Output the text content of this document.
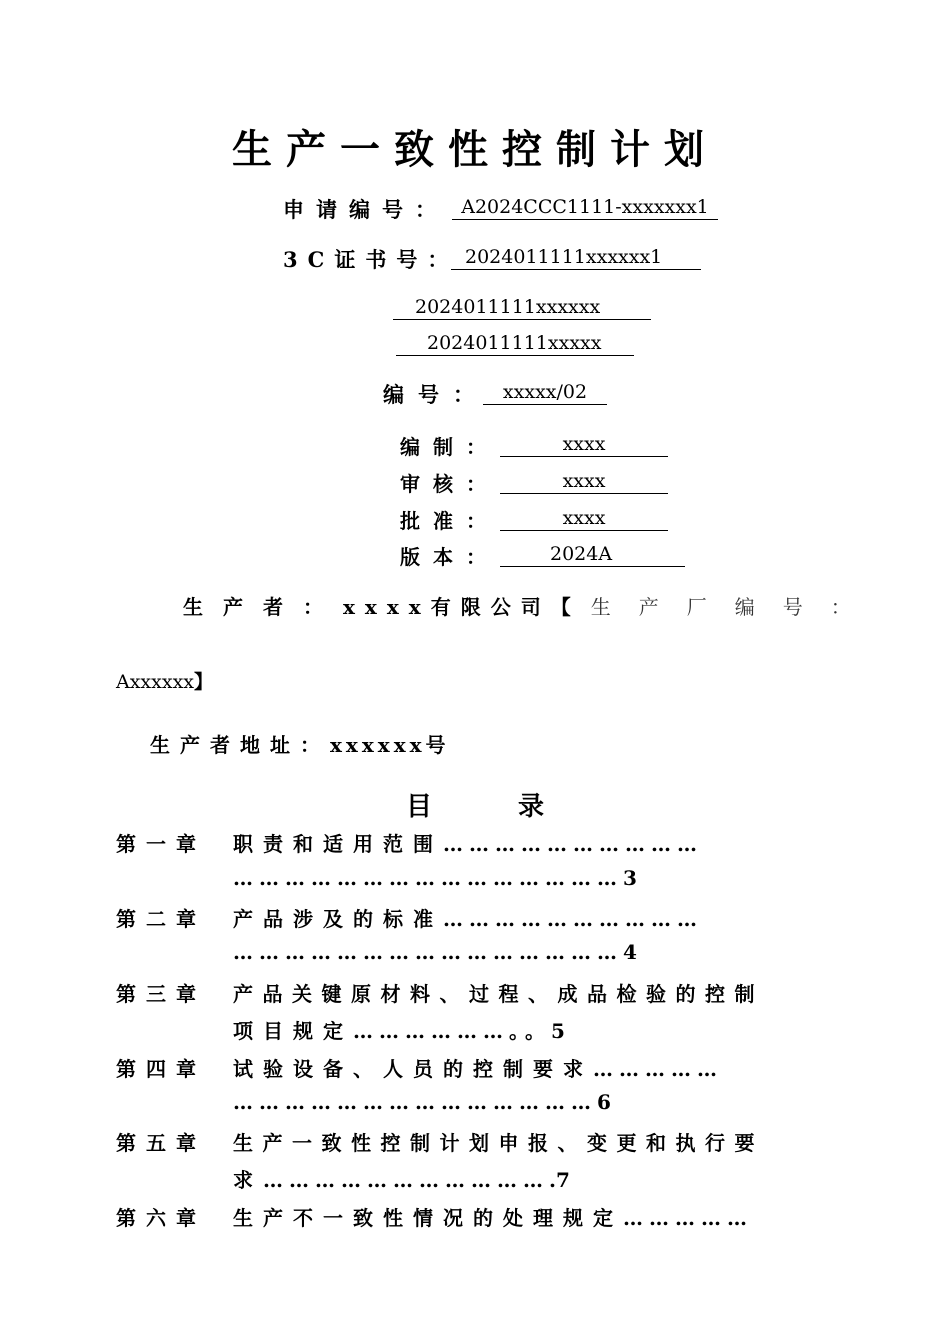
生产一致性控制计划
申请编号： A2024CCC1111-xxxxxxx1
3C证书号： 2024011111xxxxxx1
2024011111xxxxxx
2024011111xxxxx
编号： xxxxx/02
编制：	xxxx
审核：	xxxx
批准：	xxxx
版本：	2024A
生产者：xxxx有限公司【生产厂编号：
Axxxxxx】
生产者地址：xxxxxx号
目	录
第一章 职责和适用范围…………………………
………………………………………3
第二章 产品涉及的标准…………………………
………………………………………4
第三章 产品关键原材料、过程、成品检验的控制
项目规定………………。。5
第四章 试验设备、人员的控制要求……………
……………………………………6
第五章 生产一致性控制计划申报、变更和执行要
求…………………………….7
第六章 生产不一致性情况的处理规定……………
